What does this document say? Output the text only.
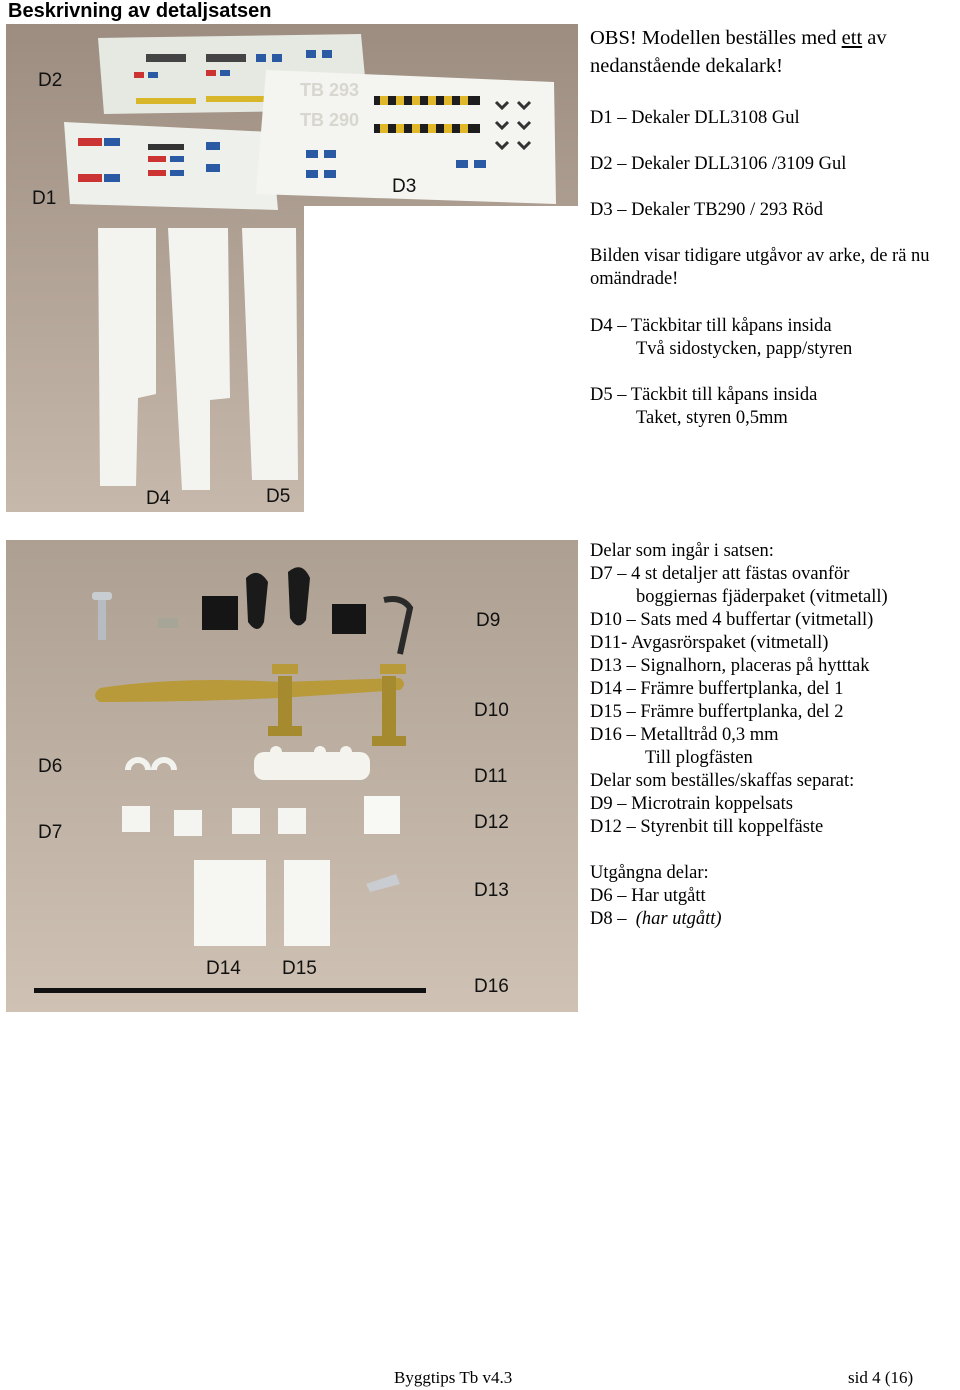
Beskrivning av detaljsatsen
TB 293
TB 290
D2
D1
D3
D4	D5
D9
D10
D6	D11
D7	D12
D13
D14 D15
D16
OBS! Modellen beställes med ett av
nedanstående dekalark!
D1 – Dekaler DLL3108 Gul
D2 – Dekaler DLL3106 /3109 Gul
D3 – Dekaler TB290 / 293 Röd
Bilden visar tidigare utgåvor av arke, de rä nu
omändrade!
D4 – Täckbitar till kåpans insida
Två sidostycken, papp/styren
D5 – Täckbit till kåpans insida
Taket, styren 0,5mm
Delar som ingår i satsen:
D7 – 4 st detaljer att fästas ovanför
boggiernas fjäderpaket (vitmetall)
D10 – Sats med 4 buffertar (vitmetall)
D11- Avgasrörspaket (vitmetall)
D13 – Signalhorn, placeras på hytttak
D14 – Främre buffertplanka, del 1
D15 – Främre buffertplanka, del 2
D16 – Metalltråd 0,3 mm
Till plogfästen
Delar som beställes/skaffas separat:
D9 – Microtrain koppelsats
D12 – Styrenbit till koppelfäste
Utgångna delar:
D6 – Har utgått
D8 –  (har utgått)
Byggtips Tb v4.3	sid 4 (16)
